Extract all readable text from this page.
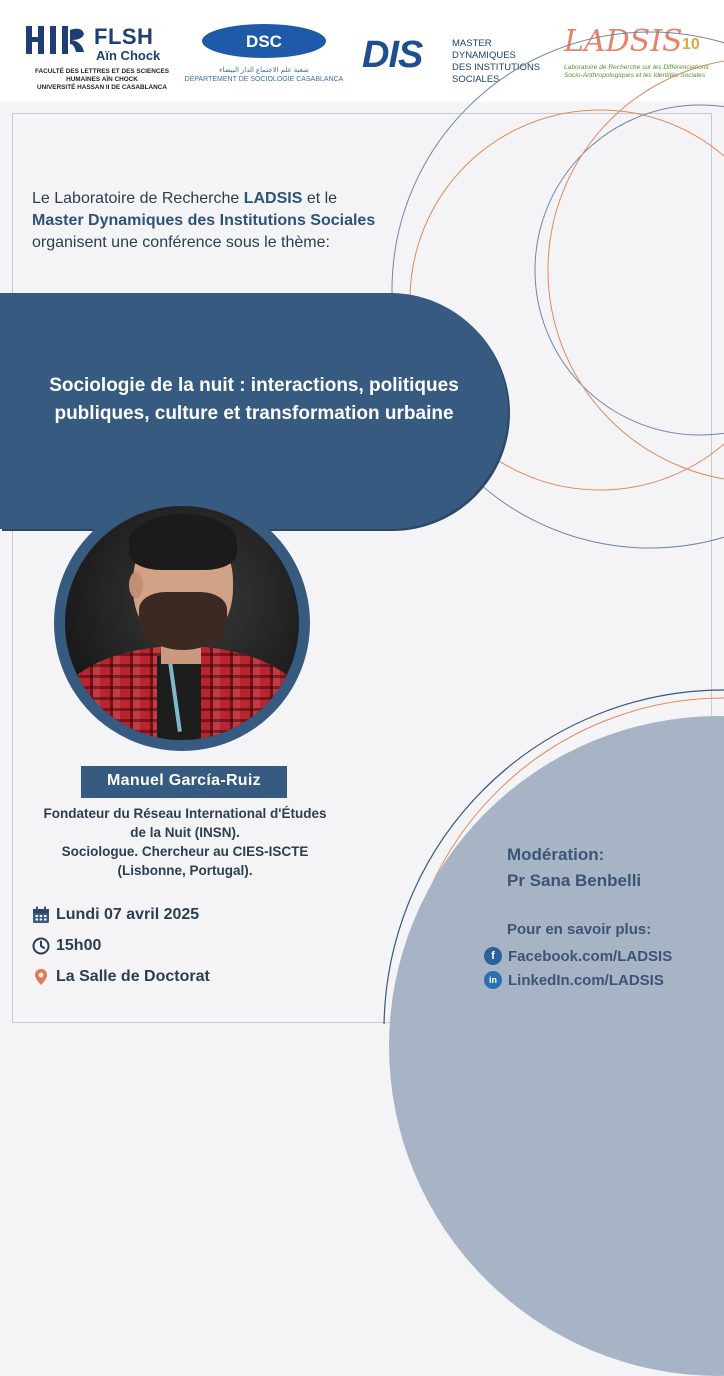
FLSH
Aïn Chock
FACULTÉ DES LETTRES ET DES SCIENCES
HUMAINES AÏN CHOCK
UNIVERSITÉ HASSAN II DE CASABLANCA
DSC
شعبة علم الاجتماع الدار البيضاء
DÉPARTEMENT DE SOCIOLOGIE CASABLANCA
DIS	MASTER DYNAMIQUES
DES INSTITUTIONS
SOCIALES
LADSIS 10
Laboratoire de Recherche sur les Différenciations
Socio-Anthropologiques et les Identités Sociales
Le Laboratoire de Recherche LADSIS et le
Master Dynamiques des Institutions Sociales
organisent une conférence sous le thème:
Sociologie de la nuit : interactions, politiques
publiques, culture et transformation urbaine
Manuel García-Ruiz
Fondateur du Réseau International d'Études
de la Nuit (INSN).
Sociologue. Chercheur au CIES-ISCTE
(Lisbonne, Portugal).
Lundi 07 avril 2025
15h00
La Salle de Doctorat
Modération:
Pr Sana Benbelli
Pour en savoir plus:
f Facebook.com/LADSIS
in LinkedIn.com/LADSIS
